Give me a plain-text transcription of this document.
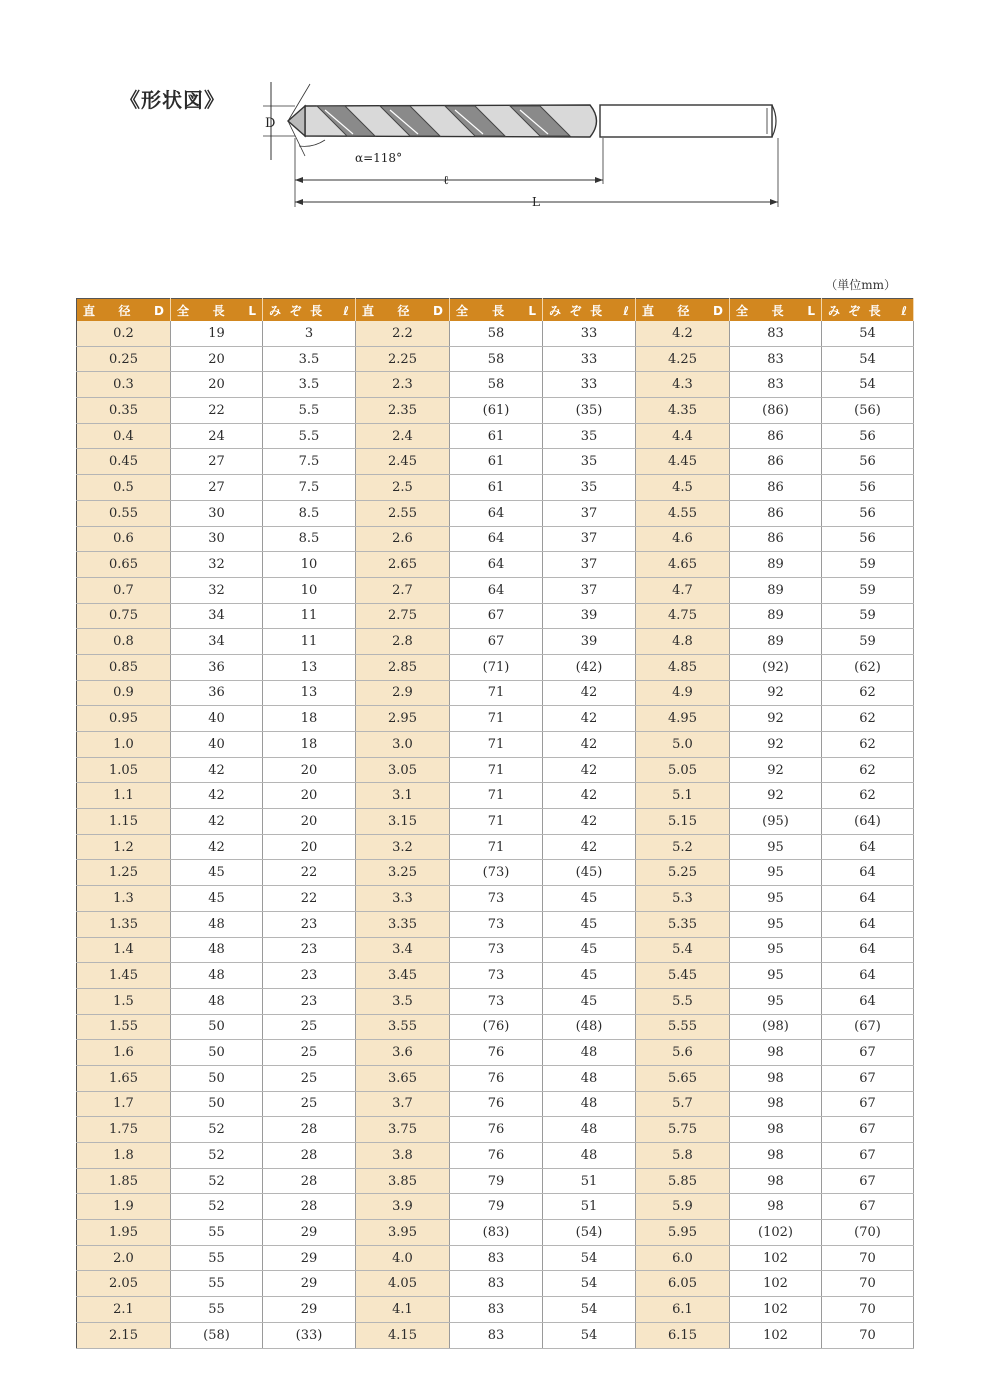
《形状図》
D
α=118°
ℓ
L
（単位mm）
直 径 D	全 長 L	みぞ長 ℓ	直 径 D	全 長 L	みぞ長 ℓ	直 径 D	全 長 L	みぞ長 ℓ
0.2	19	3	2.2	58	33	4.2	83	54
0.25	20	3.5	2.25	58	33	4.25	83	54
0.3	20	3.5	2.3	58	33	4.3	83	54
0.35	22	5.5	2.35	(61)	(35)	4.35	(86)	(56)
0.4	24	5.5	2.4	61	35	4.4	86	56
0.45	27	7.5	2.45	61	35	4.45	86	56
0.5	27	7.5	2.5	61	35	4.5	86	56
0.55	30	8.5	2.55	64	37	4.55	86	56
0.6	30	8.5	2.6	64	37	4.6	86	56
0.65	32	10	2.65	64	37	4.65	89	59
0.7	32	10	2.7	64	37	4.7	89	59
0.75	34	11	2.75	67	39	4.75	89	59
0.8	34	11	2.8	67	39	4.8	89	59
0.85	36	13	2.85	(71)	(42)	4.85	(92)	(62)
0.9	36	13	2.9	71	42	4.9	92	62
0.95	40	18	2.95	71	42	4.95	92	62
1.0	40	18	3.0	71	42	5.0	92	62
1.05	42	20	3.05	71	42	5.05	92	62
1.1	42	20	3.1	71	42	5.1	92	62
1.15	42	20	3.15	71	42	5.15	(95)	(64)
1.2	42	20	3.2	71	42	5.2	95	64
1.25	45	22	3.25	(73)	(45)	5.25	95	64
1.3	45	22	3.3	73	45	5.3	95	64
1.35	48	23	3.35	73	45	5.35	95	64
1.4	48	23	3.4	73	45	5.4	95	64
1.45	48	23	3.45	73	45	5.45	95	64
1.5	48	23	3.5	73	45	5.5	95	64
1.55	50	25	3.55	(76)	(48)	5.55	(98)	(67)
1.6	50	25	3.6	76	48	5.6	98	67
1.65	50	25	3.65	76	48	5.65	98	67
1.7	50	25	3.7	76	48	5.7	98	67
1.75	52	28	3.75	76	48	5.75	98	67
1.8	52	28	3.8	76	48	5.8	98	67
1.85	52	28	3.85	79	51	5.85	98	67
1.9	52	28	3.9	79	51	5.9	98	67
1.95	55	29	3.95	(83)	(54)	5.95	(102)	(70)
2.0	55	29	4.0	83	54	6.0	102	70
2.05	55	29	4.05	83	54	6.05	102	70
2.1	55	29	4.1	83	54	6.1	102	70
2.15	(58)	(33)	4.15	83	54	6.15	102	70
